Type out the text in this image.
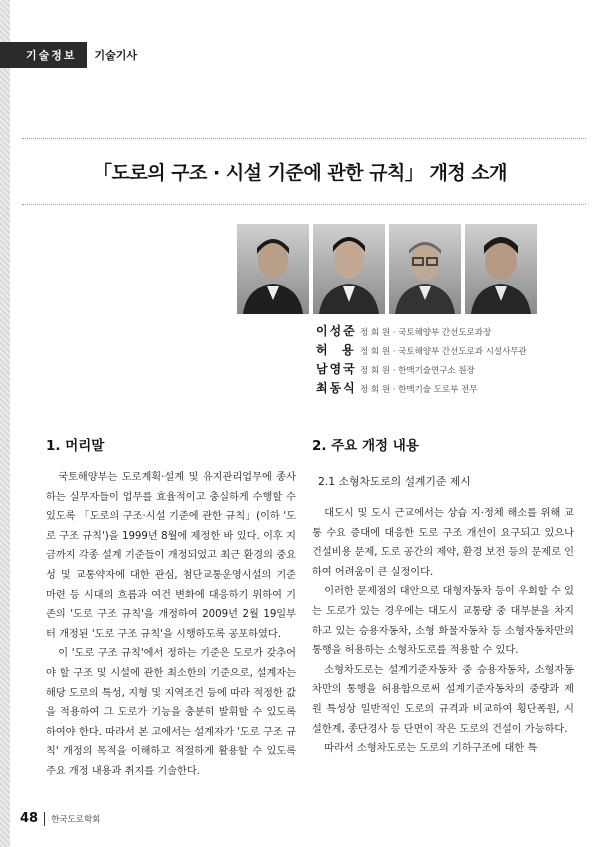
기술정보	기술기사
「도로의 구조 · 시설 기준에 관한 규칙」 개정 소개
이성준 정 회 원 · 국토해양부 간선도로과장
허  용 정 회 원 · 국토해양부 간선도로과 시설사무관
남영국 정 회 원 · 한맥기술연구소 원장
최동식 정 회 원 · 한맥기술 도로부 전무
1. 머리말

국토해양부는 도로계획·설계 및 유지관리업무에 종사하는 실무자들이 업무를 효율적이고 충실하게 수행할 수 있도록 「도로의 구조·시설 기준에 관한 규칙」(이하 '도로 구조 규칙')을 1999년 8월에 제정한 바 있다. 이후 지금까지 각종 설계 기준들이 개정되었고 최근 환경의 중요성 및 교통약자에 대한 관심, 첨단교통운영시설의 기준 마련 등 시대의 흐름과 여건 변화에 대응하기 위하여 기존의 '도로 구조 규칙'을 개정하여 2009년 2월 19일부터 개정된 '도로 구조 규칙'을 시행하도록 공포하였다.

이 '도로 구조 규칙'에서 정하는 기준은 도로가 갖추어야 할 구조 및 시설에 관한 최소한의 기준으로, 설계자는 해당 도로의 특성, 지형 및 지역조건 등에 따라 적정한 값을 적용하여 그 도로가 기능을 충분히 발휘할 수 있도록 하여야 한다. 따라서 본 고에서는 설계자가 '도로 구조 규칙' 개정의 목적을 이해하고 적절하게 활용할 수 있도록 주요 개정 내용과 취지를 기술한다.

2. 주요 개정 내용
2.1 소형차도로의 설계기준 제시

대도시 및 도시 근교에서는 상습 지·정체 해소를 위해 교통 수요 증대에 대응한 도로 구조 개선이 요구되고 있으나 건설비용 문제, 도로 공간의 제약, 환경 보전 등의 문제로 인하여 어려움이 큰 실정이다.

이러한 문제점의 대안으로 대형자동차 등이 우회할 수 있는 도로가 있는 경우에는 대도시 교통량 중 대부분을 차지하고 있는 승용자동차, 소형 화물자동차 등 소형자동차만의 통행을 허용하는 소형차도로를 적용할 수 있다.

소형차도로는 설계기준자동차 중 승용자동차, 소형자동차만의 통행을 허용함으로써 설계기준자동차의 중량과 제원 특성상 일반적인 도로의 규격과 비교하여 횡단폭원, 시설한계, 종단경사 등 단면이 작은 도로의 건설이 가능하다.

따라서 소형차도로는 도로의 기하구조에 대한 특

48 한국도로학회
